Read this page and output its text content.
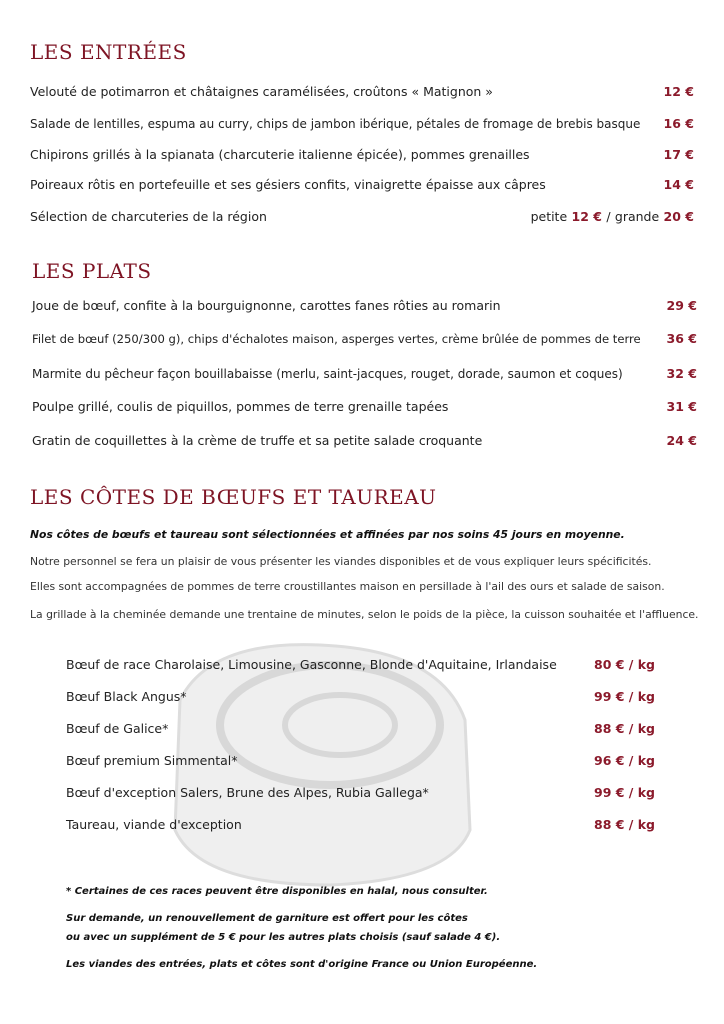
LES ENTRÉES
Velouté de potimarron et châtaignes caramélisées, croûtons « Matignon »	12 €
Salade de lentilles, espuma au curry, chips de jambon ibérique, pétales de fromage de brebis basque 16 €
Chipirons grillés à la spianata (charcuterie italienne épicée), pommes grenailles	17 €
Poireaux rôtis en portefeuille et ses gésiers confits, vinaigrette épaisse aux câpres	14 €
Sélection de charcuteries de la région	petite 12 € / grande 20 €
LES PLATS
Joue de bœuf, confite à la bourguignonne, carottes fanes rôties au romarin	29 €
Filet de bœuf (250/300 g), chips d'échalotes maison, asperges vertes, crème brûlée de pommes de terre 36 €
Marmite du pêcheur façon bouillabaisse (merlu, saint-jacques, rouget, dorade, saumon et coques)	32 €
Poulpe grillé, coulis de piquillos, pommes de terre grenaille tapées	31 €
Gratin de coquillettes à la crème de truffe et sa petite salade croquante	24 €
LES CÔTES DE BŒUFS ET TAUREAU
Nos côtes de bœufs et taureau sont sélectionnées et affinées par nos soins 45 jours en moyenne.
Notre personnel se fera un plaisir de vous présenter les viandes disponibles et de vous expliquer leurs spécificités.
Elles sont accompagnées de pommes de terre croustillantes maison en persillade à l'ail des ours et salade de saison.
La grillade à la cheminée demande une trentaine de minutes, selon le poids de la pièce, la cuisson souhaitée et l'affluence.
Bœuf de race Charolaise, Limousine, Gasconne, Blonde d'Aquitaine, Irlandaise	80 € / kg
Bœuf Black Angus*	99 € / kg
Bœuf de Galice*	88 € / kg
Bœuf premium Simmental*	96 € / kg
Bœuf d'exception Salers, Brune des Alpes, Rubia Gallega*	99 € / kg
Taureau, viande d'exception	88 € / kg
* Certaines de ces races peuvent être disponibles en halal, nous consulter.
Sur demande, un renouvellement de garniture est offert pour les côtes
ou avec un supplément de 5 € pour les autres plats choisis (sauf salade 4 €).
Les viandes des entrées, plats et côtes sont d'origine France ou Union Européenne.
